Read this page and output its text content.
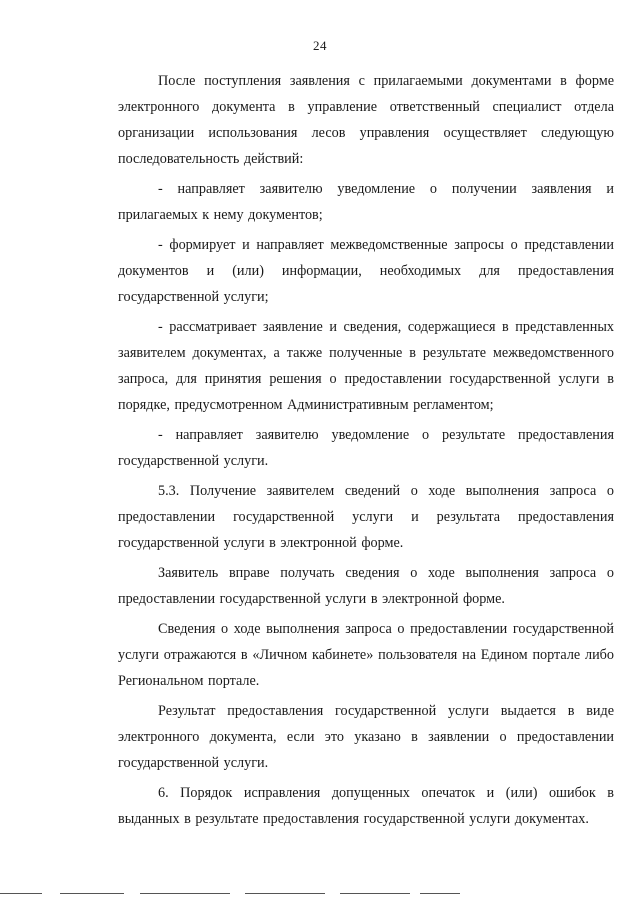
24

После поступления заявления с прилагаемыми документами в форме электронного документа в управление ответственный специалист отдела организации использования лесов управления осуществляет следующую последовательность действий:

- направляет заявителю уведомление о получении заявления и прилагаемых к нему документов;

- формирует и направляет межведомственные запросы о представлении документов и (или) информации, необходимых для предоставления государственной услуги;

- рассматривает заявление и сведения, содержащиеся в представленных заявителем документах, а также полученные в результате межведомственного запроса, для принятия решения о предоставлении государственной услуги в порядке, предусмотренном Административным регламентом;

- направляет заявителю уведомление о результате предоставления государственной услуги.

5.3. Получение заявителем сведений о ходе выполнения запроса о предоставлении государственной услуги и результата предоставления государственной услуги в электронной форме.

Заявитель вправе получать сведения о ходе выполнения запроса о предоставлении государственной услуги в электронной форме.

Сведения о ходе выполнения запроса о предоставлении государственной услуги отражаются в «Личном кабинете» пользователя на Едином портале либо Региональном портале.

Результат предоставления государственной услуги выдается в виде электронного документа, если это указано в заявлении о предоставлении государственной услуги.

6. Порядок исправления допущенных опечаток и (или) ошибок в выданных в результате предоставления государственной услуги документах.
